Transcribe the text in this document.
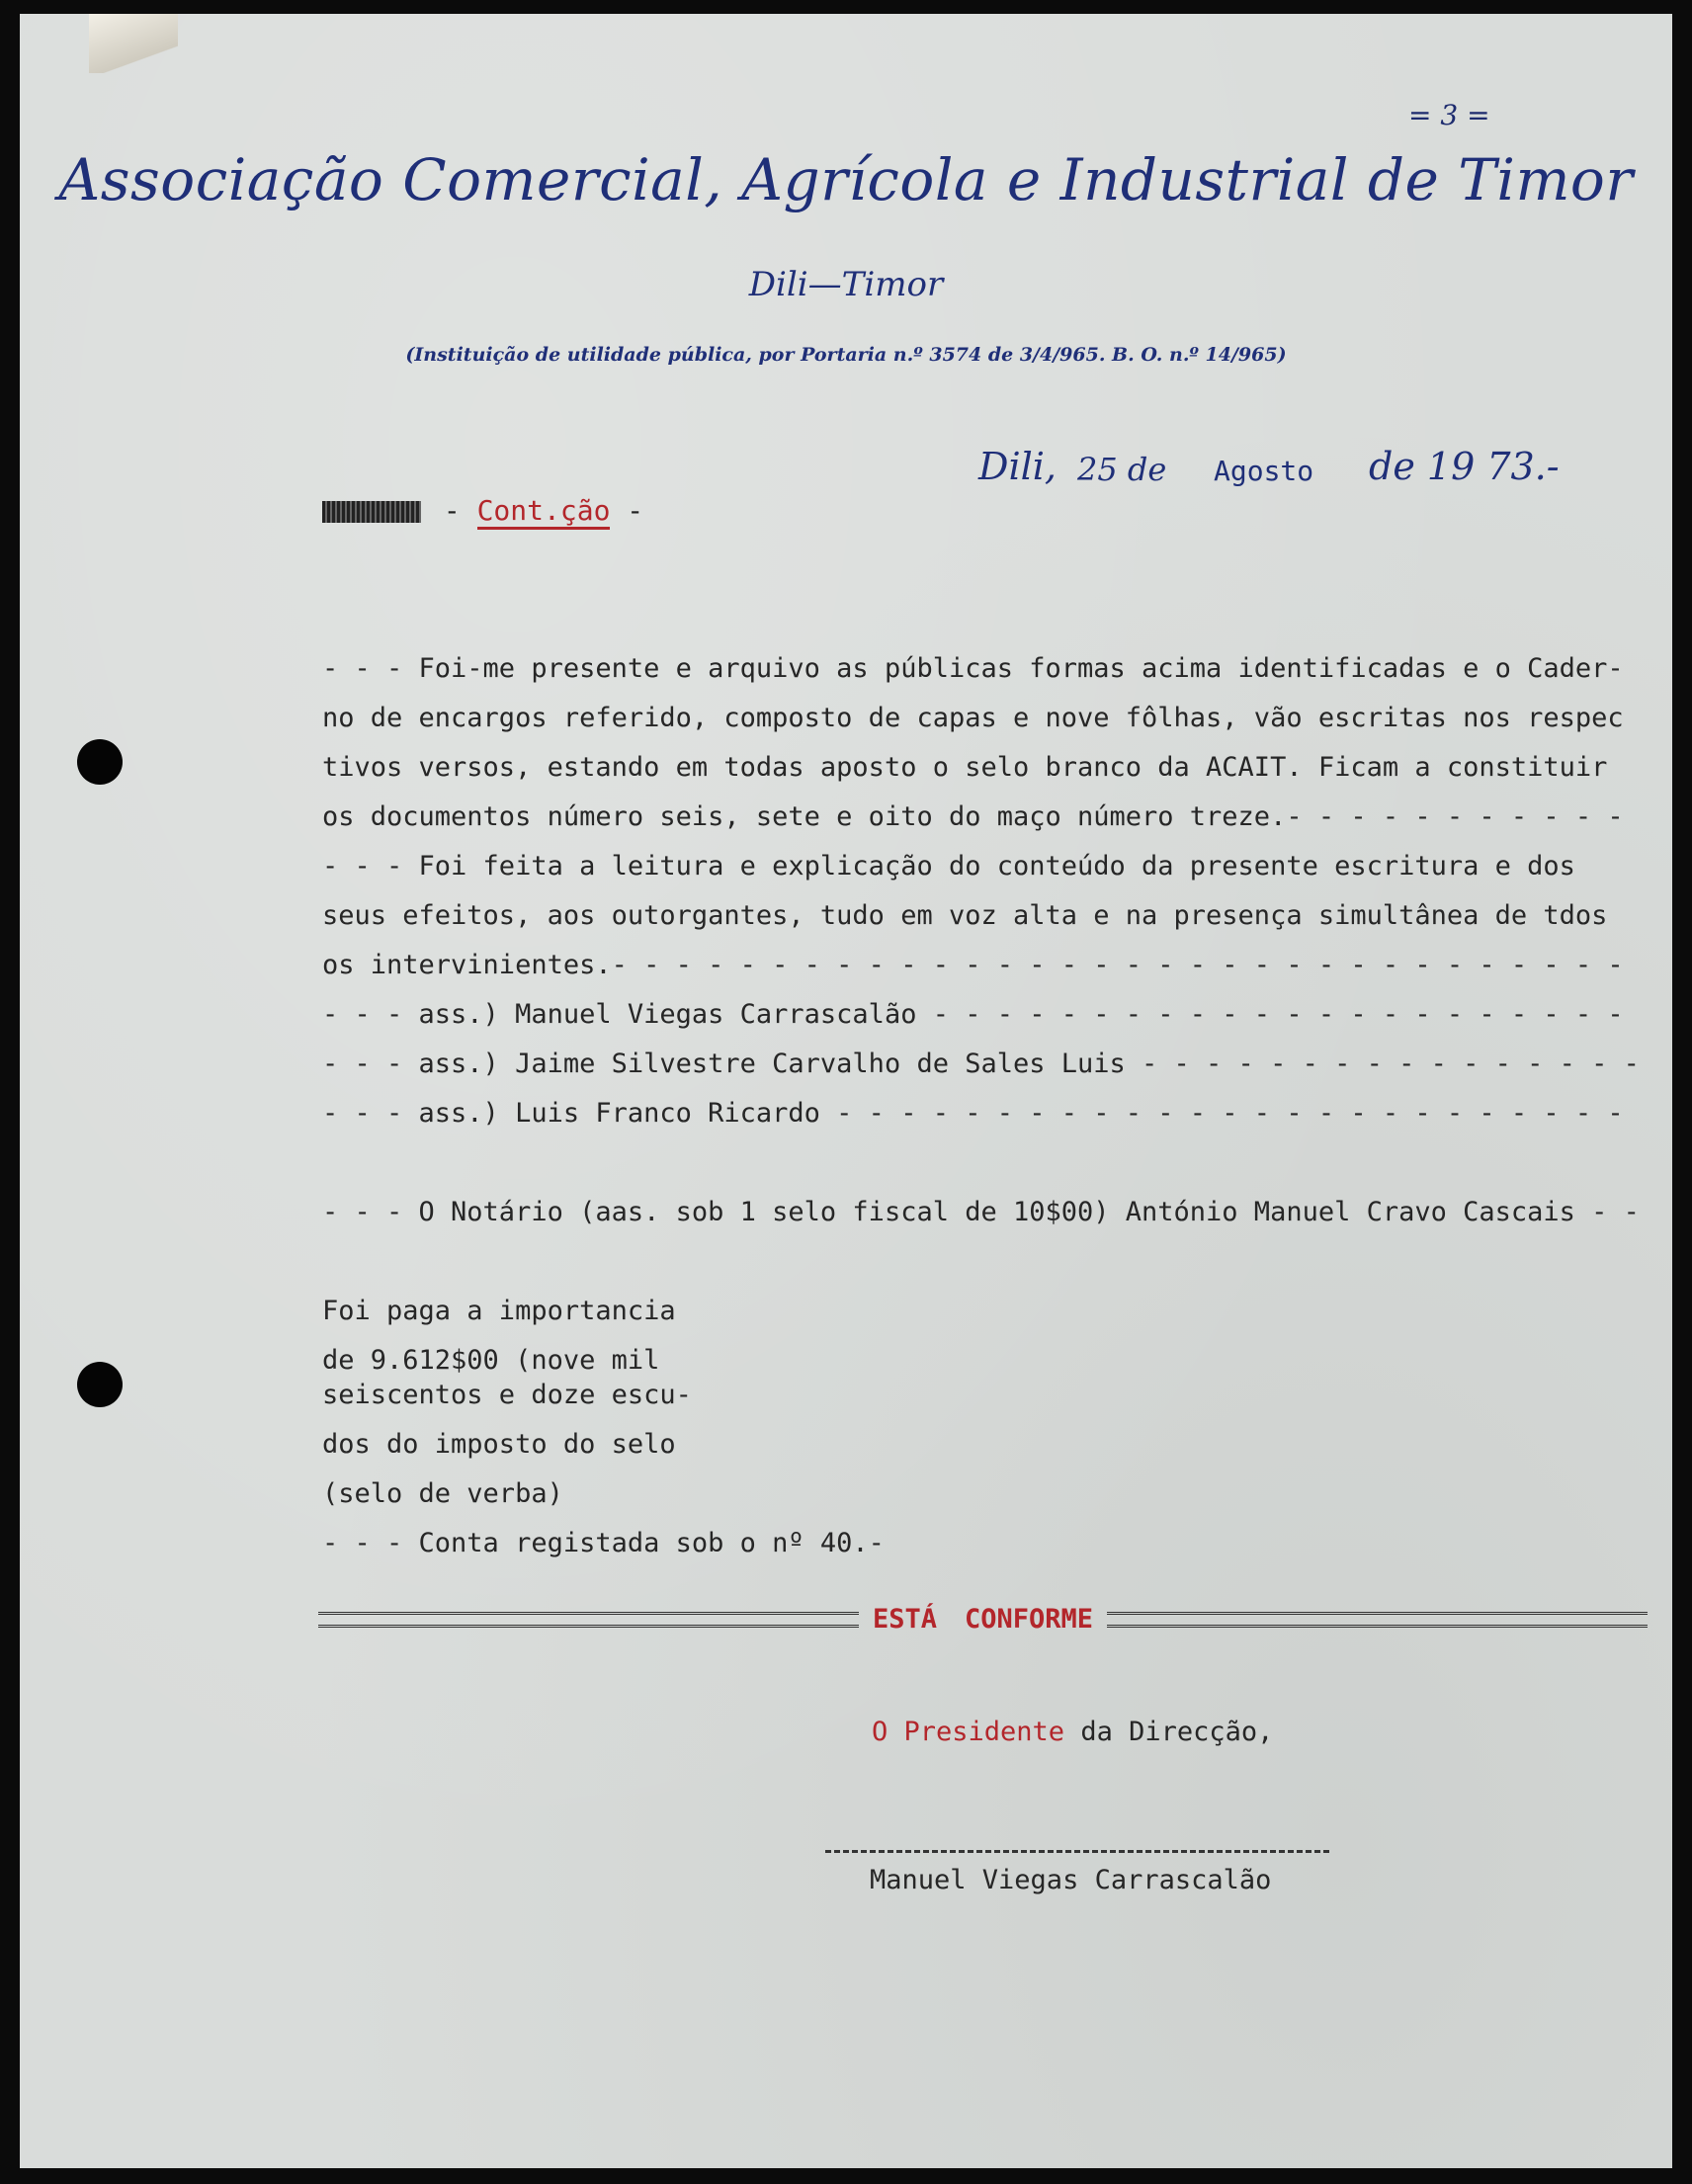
= 3 =
Associação Comercial, Agrícola e Industrial de Timor
Dili—Timor
(Instituição de utilidade pública, por Portaria n.º 3574 de 3/4/965. B. O. n.º 14/965)
Dili, 25 de Agosto de 19 73.-
- Cont.ção -
- - - Foi-me presente e arquivo as públicas formas acima identificadas e o Cader-
no de encargos referido, composto de capas e nove fôlhas, vão escritas nos respec
tivos versos, estando em todas aposto o selo branco da ACAIT. Ficam a constituir
os documentos número seis, sete e oito do maço número treze.- - - - - - - - - - -
- - - Foi feita a leitura e explicação do conteúdo da presente escritura e dos
seus efeitos, aos outorgantes, tudo em voz alta e na presença simultânea de tdos
os intervinientes.- - - - - - - - - - - - - - - - - - - - - - - - - - - - - - - -
- - - ass.) Manuel Viegas Carrascalão - - - - - - - - - - - - - - - - - - - - - -
- - - ass.) Jaime Silvestre Carvalho de Sales Luis - - - - - - - - - - - - - - - -
- - - ass.) Luis Franco Ricardo - - - - - - - - - - - - - - - - - - - - - - - - -
- - - O Notário (aas. sob 1 selo fiscal de 10$00) António Manuel Cravo Cascais - -
Foi paga a importancia
de 9.612$00 (nove mil
seiscentos e doze escu-
dos do imposto do selo
(selo de verba)
- - - Conta registada sob o nº 40.-
ESTÁ	CONFORME
O Presidente da Direcção,
Manuel Viegas Carrascalão
